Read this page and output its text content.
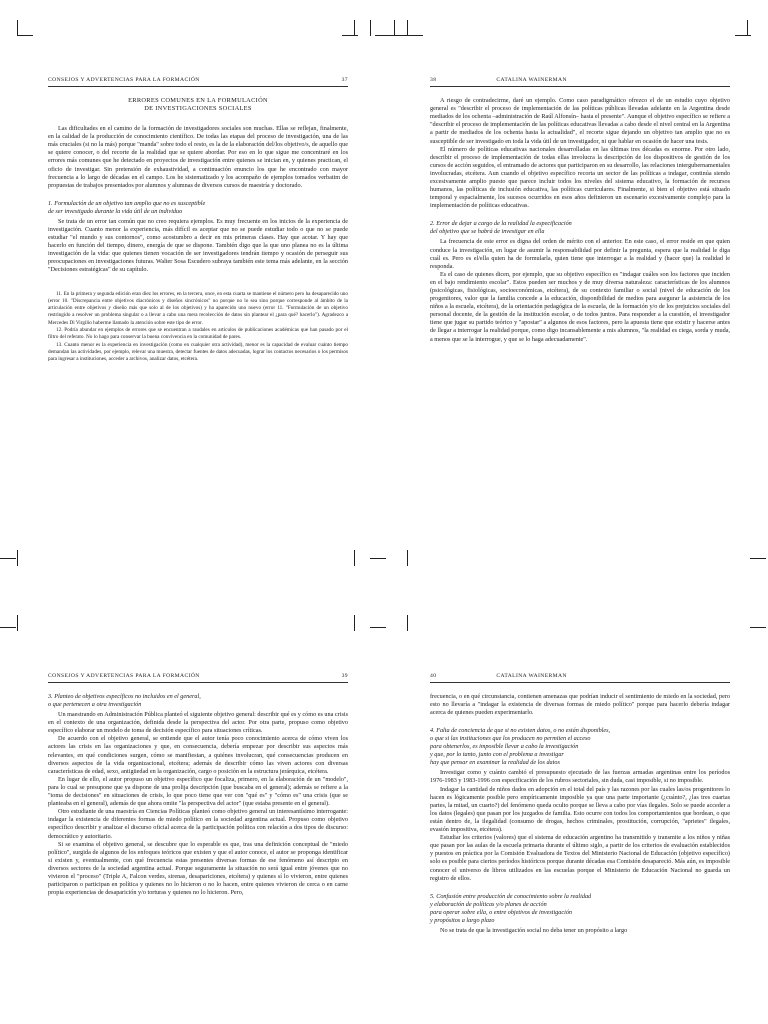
CONSEJOS Y ADVERTENCIAS PARA LA FORMACIÓN	37
ERRORES COMUNES EN LA FORMULACIÓN
DE INVESTIGACIONES SOCIALES

Las dificultades en el camino de la formación de investigadores sociales son muchas. Ellas se reflejan, finalmente, en la calidad de la producción de conocimiento científico. De todas las etapas del proceso de investigación, una de las más cruciales (si no la más) porque "manda" sobre todo el resto, es la de la elaboración del/los objetivo/s, de aquello que se quiere conocer, o del recorte de la realidad que se quiere abordar. Por eso en lo que sigue me concentraré en los errores más comunes que he detectado en proyectos de investigación entre quienes se inician en, y quienes practican, el oficio de investigar. Sin pretensión de exhaustividad, a continuación enuncio los que he encontrado con mayor frecuencia a lo largo de décadas en el campo. Los he sistematizado y los acompaño de ejemplos tomados verbatim de propuestas de trabajos presentados por alumnos y alumnas de diversos cursos de maestría y doctorado.

1. Formulación de un objetivo tan amplio que no es susceptible
de ser investigado durante la vida útil de un individuo

Se trata de un error tan común que no creo requiera ejemplos. Es muy frecuente en los inicios de la experiencia de investigación. Cuanto menor la experiencia, más difícil es aceptar que no se puede estudiar todo o que no se puede estudiar "el mundo y sus contornos", como acostumbro a decir en mis primeras clases. Hay que acotar. Y hay que hacerlo en función del tiempo, dinero, energía de que se dispone. También digo que la que uno planea no es la última investigación de la vida: que quienes tienen vocación de ser investigadores tendrán tiempo y ocasión de perseguir sus preocupaciones en investigaciones futuras. Walter Sosa Escudero subraya también este tema más adelante, en la sección "Decisiones estratégicas" de su capítulo.

11. En la primera y segunda edición eran diez los errores, en la tercera, once, en esta cuarta se mantiene el número pero ha desaparecido uno (error 10. "Discrepancia entre objetivos diacrónicos y diseños sincrónicos" no porque no lo sea sino porque corresponde al ámbito de la articulación entre objetivos y diseño más que solo al de los objetivos) y ha aparecido uno nuevo (error 11. "Formulación de un objetivo restringido a resolver un problema singular o a llevar a cabo una mera recolección de datos sin plantear el ¿para qué? hacerlo"). Agradezco a Mercedes Di Virgilio haberme llamado la atención sobre este tipo de error.

12. Podría abundar en ejemplos de errores que se encuentran a raudales en artículos de publicaciones académicas que han pasado por el filtro del referato. No lo hago para conservar la buena convivencia en la comunidad de pares.

13. Cuanto menor es la experiencia en investigación (como en cualquier otra actividad), menor es la capacidad de evaluar cuánto tiempo demandan las actividades, por ejemplo, relevar una muestra, detectar fuentes de datos adecuadas, lograr los contactos necesarios o los permisos para ingresar a instituciones, acceder a archivos, analizar datos, etcétera.

38	CATALINA WAINERMAN

A riesgo de contradecirme, daré un ejemplo. Como caso paradigmático ofrezco el de un estudio cuyo objetivo general es "describir el proceso de implementación de las políticas públicas llevadas adelante en la Argentina desde mediados de los ochenta –administración de Raúl Alfonsín– hasta el presente". Aunque el objetivo específico se refiere a "describir el proceso de implementación de las políticas educativas llevadas a cabo desde el nivel central en la Argentina a partir de mediados de los ochenta hasta la actualidad", el recorte sigue dejando un objetivo tan amplio que no es susceptible de ser investigado en toda la vida útil de un investigador, ni que hablar en ocasión de hacer una tesis.

El número de políticas educativas nacionales desarrolladas en las últimas tres décadas es enorme. Por otro lado, describir el proceso de implementación de todas ellas involucra la descripción de los dispositivos de gestión de los cursos de acción seguidos, el entramado de actores que participaron en su desarrollo, las relaciones intergubernamentales involucradas, etcétera. Aun cuando el objetivo específico recorta un sector de las políticas a indagar, continúa siendo excesivamente amplio puesto que parece incluir todos los niveles del sistema educativo, la formación de recursos humanos, las políticas de inclusión educativa, las políticas curriculares. Finalmente, si bien el objetivo está situado temporal y espacialmente, los sucesos ocurridos en esos años definieron un escenario excesivamente complejo para la implementación de políticas educativas.

2. Error de dejar a cargo de la realidad la especificación
del objetivo que se habrá de investigar en ella

La frecuencia de este error es digna del orden de mérito con el anterior. En este caso, el error reside en que quien conduce la investigación, en lugar de asumir la responsabilidad por definir la pregunta, espera que la realidad le diga cuál es. Pero es el/ella quien ha de formularla, quien tiene que interrogar a la realidad y (hacer que) la realidad le responda.

Es el caso de quienes dicen, por ejemplo, que su objetivo específico es "indagar cuáles son los factores que inciden en el bajo rendimiento escolar". Estos pueden ser muchos y de muy diversa naturaleza: características de los alumnos (psicológicas, fisiológicas, socioeconómicas, etcétera), de su contexto familiar o social (nivel de educación de los progenitores, valor que la familia concede a la educación, disponibilidad de medios para asegurar la asistencia de los niños a la escuela, etcétera), de la orientación pedagógica de la escuela, de la formación y/o de los prejuicios sociales del personal docente, de la gestión de la institución escolar, o de todos juntos. Para responder a la cuestión, el investigador tiene que jugar su partido teórico y "apostar" a algunos de esos factores, pero la apuesta tiene que existir y hacerse antes de llegar a interrogar la realidad porque, como digo incansablemente a mis alumnos, "la realidad es ciega, sorda y muda, a menos que se la interrogue, y que se lo haga adecuadamente".

CONSEJOS Y ADVERTENCIAS PARA LA FORMACIÓN	39
3. Planteo de objetivos específicos no incluidos en el general,
o que pertenecen a otra investigación

Un maestrando en Administración Pública planteó el siguiente objetivo general: describir qué es y cómo es una crisis en el contexto de una organización, definida desde la perspectiva del actor. Por otra parte, propuso como objetivo específico elaborar un modelo de toma de decisión específico para situaciones críticas.

De acuerdo con el objetivo general, se entiende que el autor tenía poco conocimiento acerca de cómo viven los actores las crisis en las organizaciones y que, en consecuencia, debería empezar por describir sus aspectos más relevantes, en qué condiciones surgen, cómo se manifiestan, a quiénes involucran, qué consecuencias producen en diversos aspectos de la vida organizacional, etcétera; además de describir cómo las viven actores con diversas características de edad, sexo, antigüedad en la organización, cargo o posición en la estructura jerárquica, etcétera.

En lugar de ello, el autor propuso un objetivo específico que focaliza, primero, en la elaboración de un "modelo", para lo cual se presupone que ya dispone de una prolija descripción (que buscaba en el general); además se refiere a la "toma de decisiones" en situaciones de crisis, lo que poco tiene que ver con "qué es" y "cómo es" una crisis (que se planteaba en el general), además de que ahora omite "la perspectiva del actor" (que estaba presente en el general).

Otro estudiante de una maestría en Ciencias Políticas planteó como objetivo general un interesantísimo interrogante: indagar la existencia de diferentes formas de miedo político en la sociedad argentina actual. Propuso como objetivo específico describir y analizar el discurso oficial acerca de la participación política con relación a dos tipos de discurso: democrático y autoritario.

Si se examina el objetivo general, se descubre que lo esperable es que, tras una definición conceptual de "miedo político", surgida de algunos de los enfoques teóricos que existen y que el autor conoce, el autor se proponga identificar si existen y, eventualmente, con qué frecuencia estas presentes diversas formas de ese fenómeno así descripto en diversos sectores de la sociedad argentina actual. Porque seguramente la situación no será igual entre jóvenes que no vivieron el "proceso" (Triple A, Falcon verdes, sirenas, desapariciones, etcétera) y quienes sí lo vivieron, entre quienes participaron o participan en política y quienes no lo hicieron o no lo hacen, entre quienes vivieron de cerca o en carne propia experiencias de desaparición y/o torturas y quienes no lo hicieron. Pero,

40	CATALINA WAINERMAN

frecuencia, o en qué circunstancia, contienen amenazas que podrían inducir el sentimiento de miedo en la sociedad, pero esto no llevaría a "indagar la existencia de diversas formas de miedo político" porque para hacerlo debería indagar acerca de quienes pueden experimentarlo.

4. Falta de conciencia de que si no existen datos, o no están disponibles,
o que si las instituciones que los producen no permiten el acceso
para obtenerlos, es imposible llevar a cabo la investigación
y que, por lo tanto, junto con el problema a investigar
hay que pensar en examinar la realidad de los datos

Investigar como y cuánto cambió el presupuesto ejecutado de las fuerzas armadas argentinas entre los períodos 1976-1983 y 1983-1996 con especificación de los rubros sectoriales, sin duda, casi imposible, si no imposible.

Indagar la cantidad de niños dados en adopción en el total del país y las razones por las cuales las/os progenitores lo hacen es lógicamente posible pero empíricamente imposible ya que una parte importante (¿cuánto?, ¿las tres cuartas partes, la mitad, un cuarto?) del fenómeno queda oculto porque se lleva a cabo por vías ilegales. Solo se puede acceder a los datos (legales) que pasan por los juzgados de familia. Esto ocurre con todos los comportamientos que bordean, o que están dentro de, la ilegalidad (consumo de drogas, hechos criminales, prostitución, corrupción, "aprietes" ilegales, evasión impositiva, etcétera).

Estudiar los criterios (valores) que el sistema de educación argentino ha transmitido y transmite a los niños y niñas que pasan por las aulas de la escuela primaria durante el último siglo, a partir de los criterios de evaluación establecidos y puestos en práctica por la Comisión Evaluadora de Textos del Ministerio Nacional de Educación (objetivo específico) solo es posible para ciertos períodos históricos porque durante décadas esa Comisión desapareció. Más aún, es imposible conocer el universo de libros utilizados en las escuelas porque el Ministerio de Educación Nacional no guarda un registro de ellos.

5. Confusión entre producción de conocimiento sobre la realidad
y elaboración de políticas y/o planes de acción
para operar sobre ella, o entre objetivos de investigación
y propósitos a largo plazo

No se trata de que la investigación social no deba tener un propósito a largo
